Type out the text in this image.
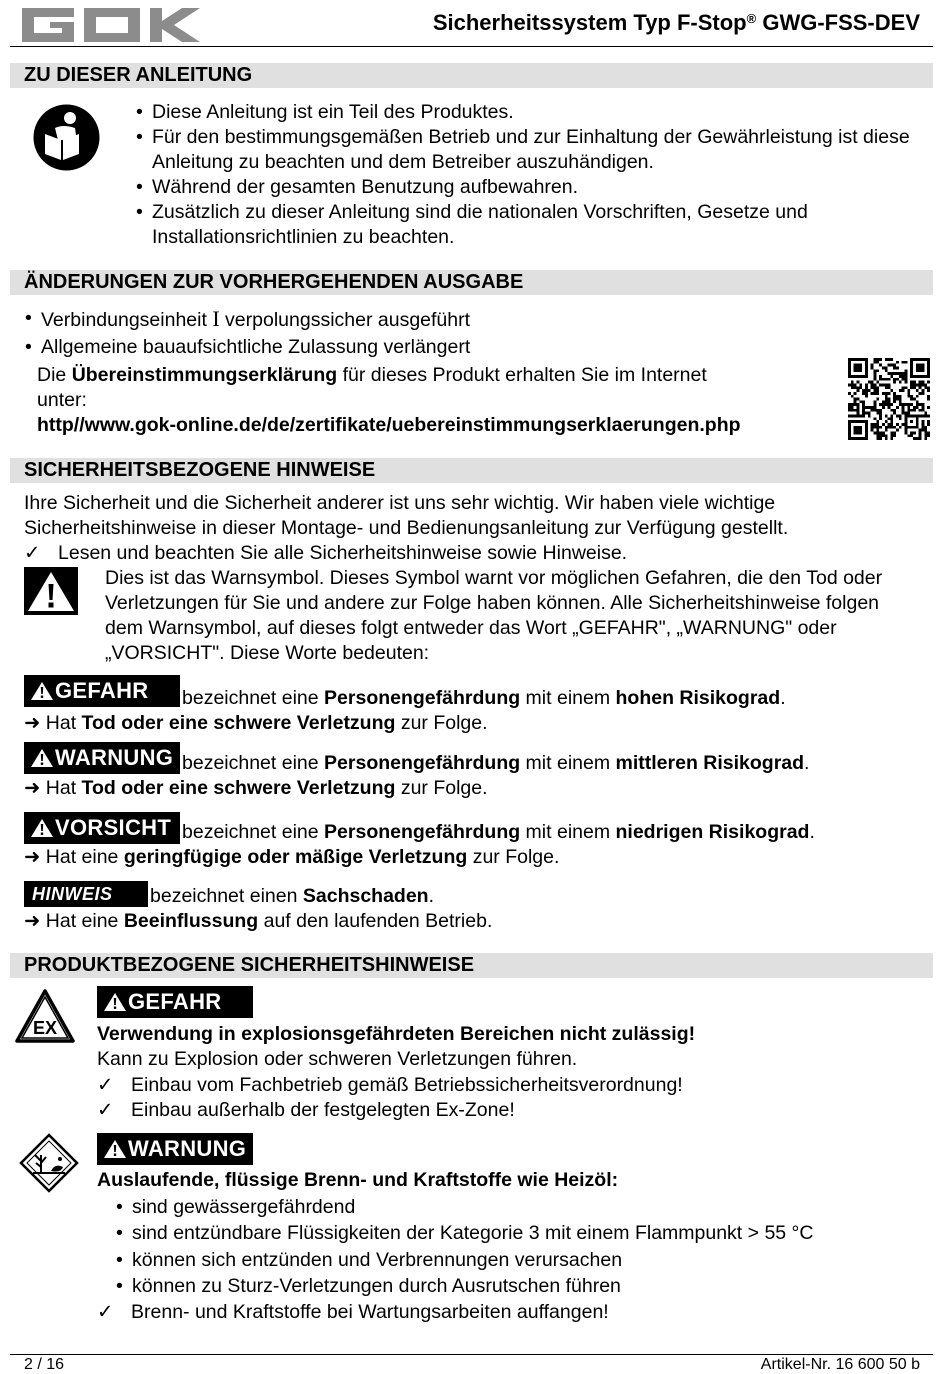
Sicherheitssystem Typ F-Stop® GWG-FSS-DEV
ZU DIESER ANLEITUNG
• Diese Anleitung ist ein Teil des Produktes.
• Für den bestimmungsgemäßen Betrieb und zur Einhaltung der Gewährleistung ist diese Anleitung zu beachten und dem Betreiber auszuhändigen.
• Während der gesamten Benutzung aufbewahren.
• Zusätzlich zu dieser Anleitung sind die nationalen Vorschriften, Gesetze und Installationsrichtlinien zu beachten.
ÄNDERUNGEN ZUR VORHERGEHENDEN AUSGABE
• Verbindungseinheit I verpolungssicher ausgeführt
• Allgemeine bauaufsichtliche Zulassung verlängert
Die Übereinstimmungserklärung für dieses Produkt erhalten Sie im Internet
unter:
http//www.gok-online.de/de/zertifikate/uebereinstimmungserklaerungen.php
SICHERHEITSBEZOGENE HINWEISE
Ihre Sicherheit und die Sicherheit anderer ist uns sehr wichtig. Wir haben viele wichtige Sicherheitshinweise in dieser Montage- und Bedienungsanleitung zur Verfügung gestellt.
✓ Lesen und beachten Sie alle Sicherheitshinweise sowie Hinweise.
Dies ist das Warnsymbol. Dieses Symbol warnt vor möglichen Gefahren, die den Tod oder Verletzungen für Sie und andere zur Folge haben können. Alle Sicherheitshinweise folgen dem Warnsymbol, auf dieses folgt entweder das Wort „GEFAHR", „WARNUNG" oder „VORSICHT". Diese Worte bedeuten:
GEFAHR	bezeichnet eine Personengefährdung mit einem hohen Risikograd.
➜ Hat Tod oder eine schwere Verletzung zur Folge.
WARNUNG bezeichnet eine Personengefährdung mit einem mittleren Risikograd.
➜ Hat Tod oder eine schwere Verletzung zur Folge.
VORSICHT bezeichnet eine Personengefährdung mit einem niedrigen Risikograd.
➜ Hat eine geringfügige oder mäßige Verletzung zur Folge.
HINWEIS	bezeichnet einen Sachschaden.
➜ Hat eine Beeinflussung auf den laufenden Betrieb.
PRODUKTBEZOGENE SICHERHEITSHINWEISE
EX
GEFAHR
Verwendung in explosionsgefährdeten Bereichen nicht zulässig!
Kann zu Explosion oder schweren Verletzungen führen.
✓ Einbau vom Fachbetrieb gemäß Betriebssicherheitsverordnung!
✓ Einbau außerhalb der festgelegten Ex-Zone!
WARNUNG
Auslaufende, flüssige Brenn- und Kraftstoffe wie Heizöl:
• sind gewässergefährdend
• sind entzündbare Flüssigkeiten der Kategorie 3 mit einem Flammpunkt > 55 °C
• können sich entzünden und Verbrennungen verursachen
• können zu Sturz-Verletzungen durch Ausrutschen führen
✓ Brenn- und Kraftstoffe bei Wartungsarbeiten auffangen!
2 / 16	Artikel-Nr. 16 600 50 b
